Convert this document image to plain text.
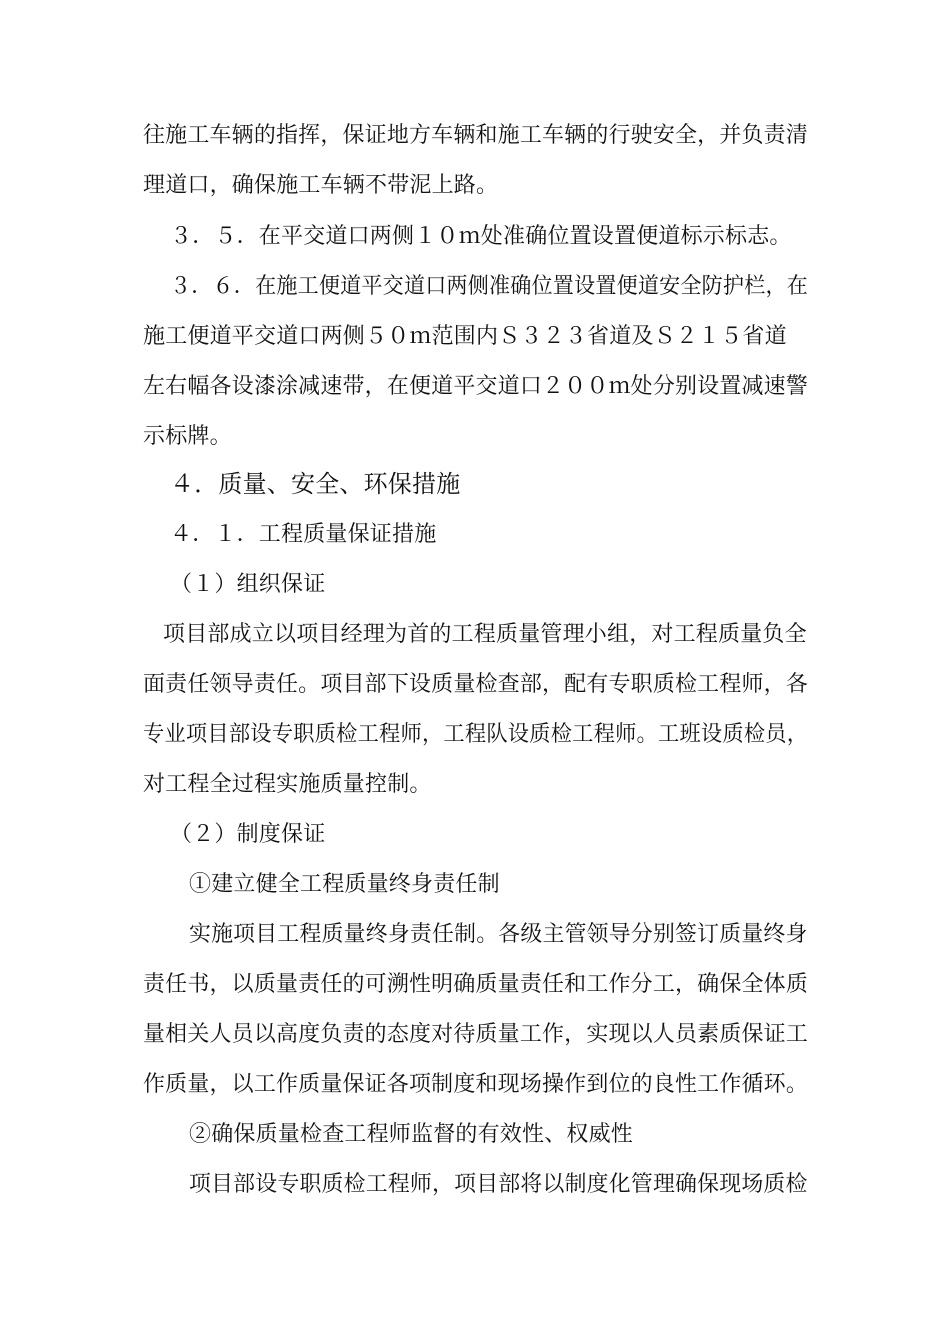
往施工车辆的指挥，保证地方车辆和施工车辆的行驶安全，并负责清
理道口，确保施工车辆不带泥上路。
３．５．在平交道口两侧１０ｍ处准确位置设置便道标示标志。
３．６．在施工便道平交道口两侧准确位置设置便道安全防护栏，在
施工便道平交道口两侧５０ｍ范围内Ｓ３２３省道及Ｓ２１５省道
左右幅各设漆涂减速带，在便道平交道口２００ｍ处分别设置减速警
示标牌。
４．质量、安全、环保措施
４．１．工程质量保证措施
（１）组织保证
项目部成立以项目经理为首的工程质量管理小组，对工程质量负全
面责任领导责任。项目部下设质量检查部，配有专职质检工程师，各
专业项目部设专职质检工程师，工程队设质检工程师。工班设质检员，
对工程全过程实施质量控制。
（２）制度保证
①建立健全工程质量终身责任制
实施项目工程质量终身责任制。各级主管领导分别签订质量终身
责任书，以质量责任的可溯性明确质量责任和工作分工，确保全体质
量相关人员以高度负责的态度对待质量工作，实现以人员素质保证工
作质量，以工作质量保证各项制度和现场操作到位的良性工作循环。
②确保质量检查工程师监督的有效性、权威性
项目部设专职质检工程师，项目部将以制度化管理确保现场质检
